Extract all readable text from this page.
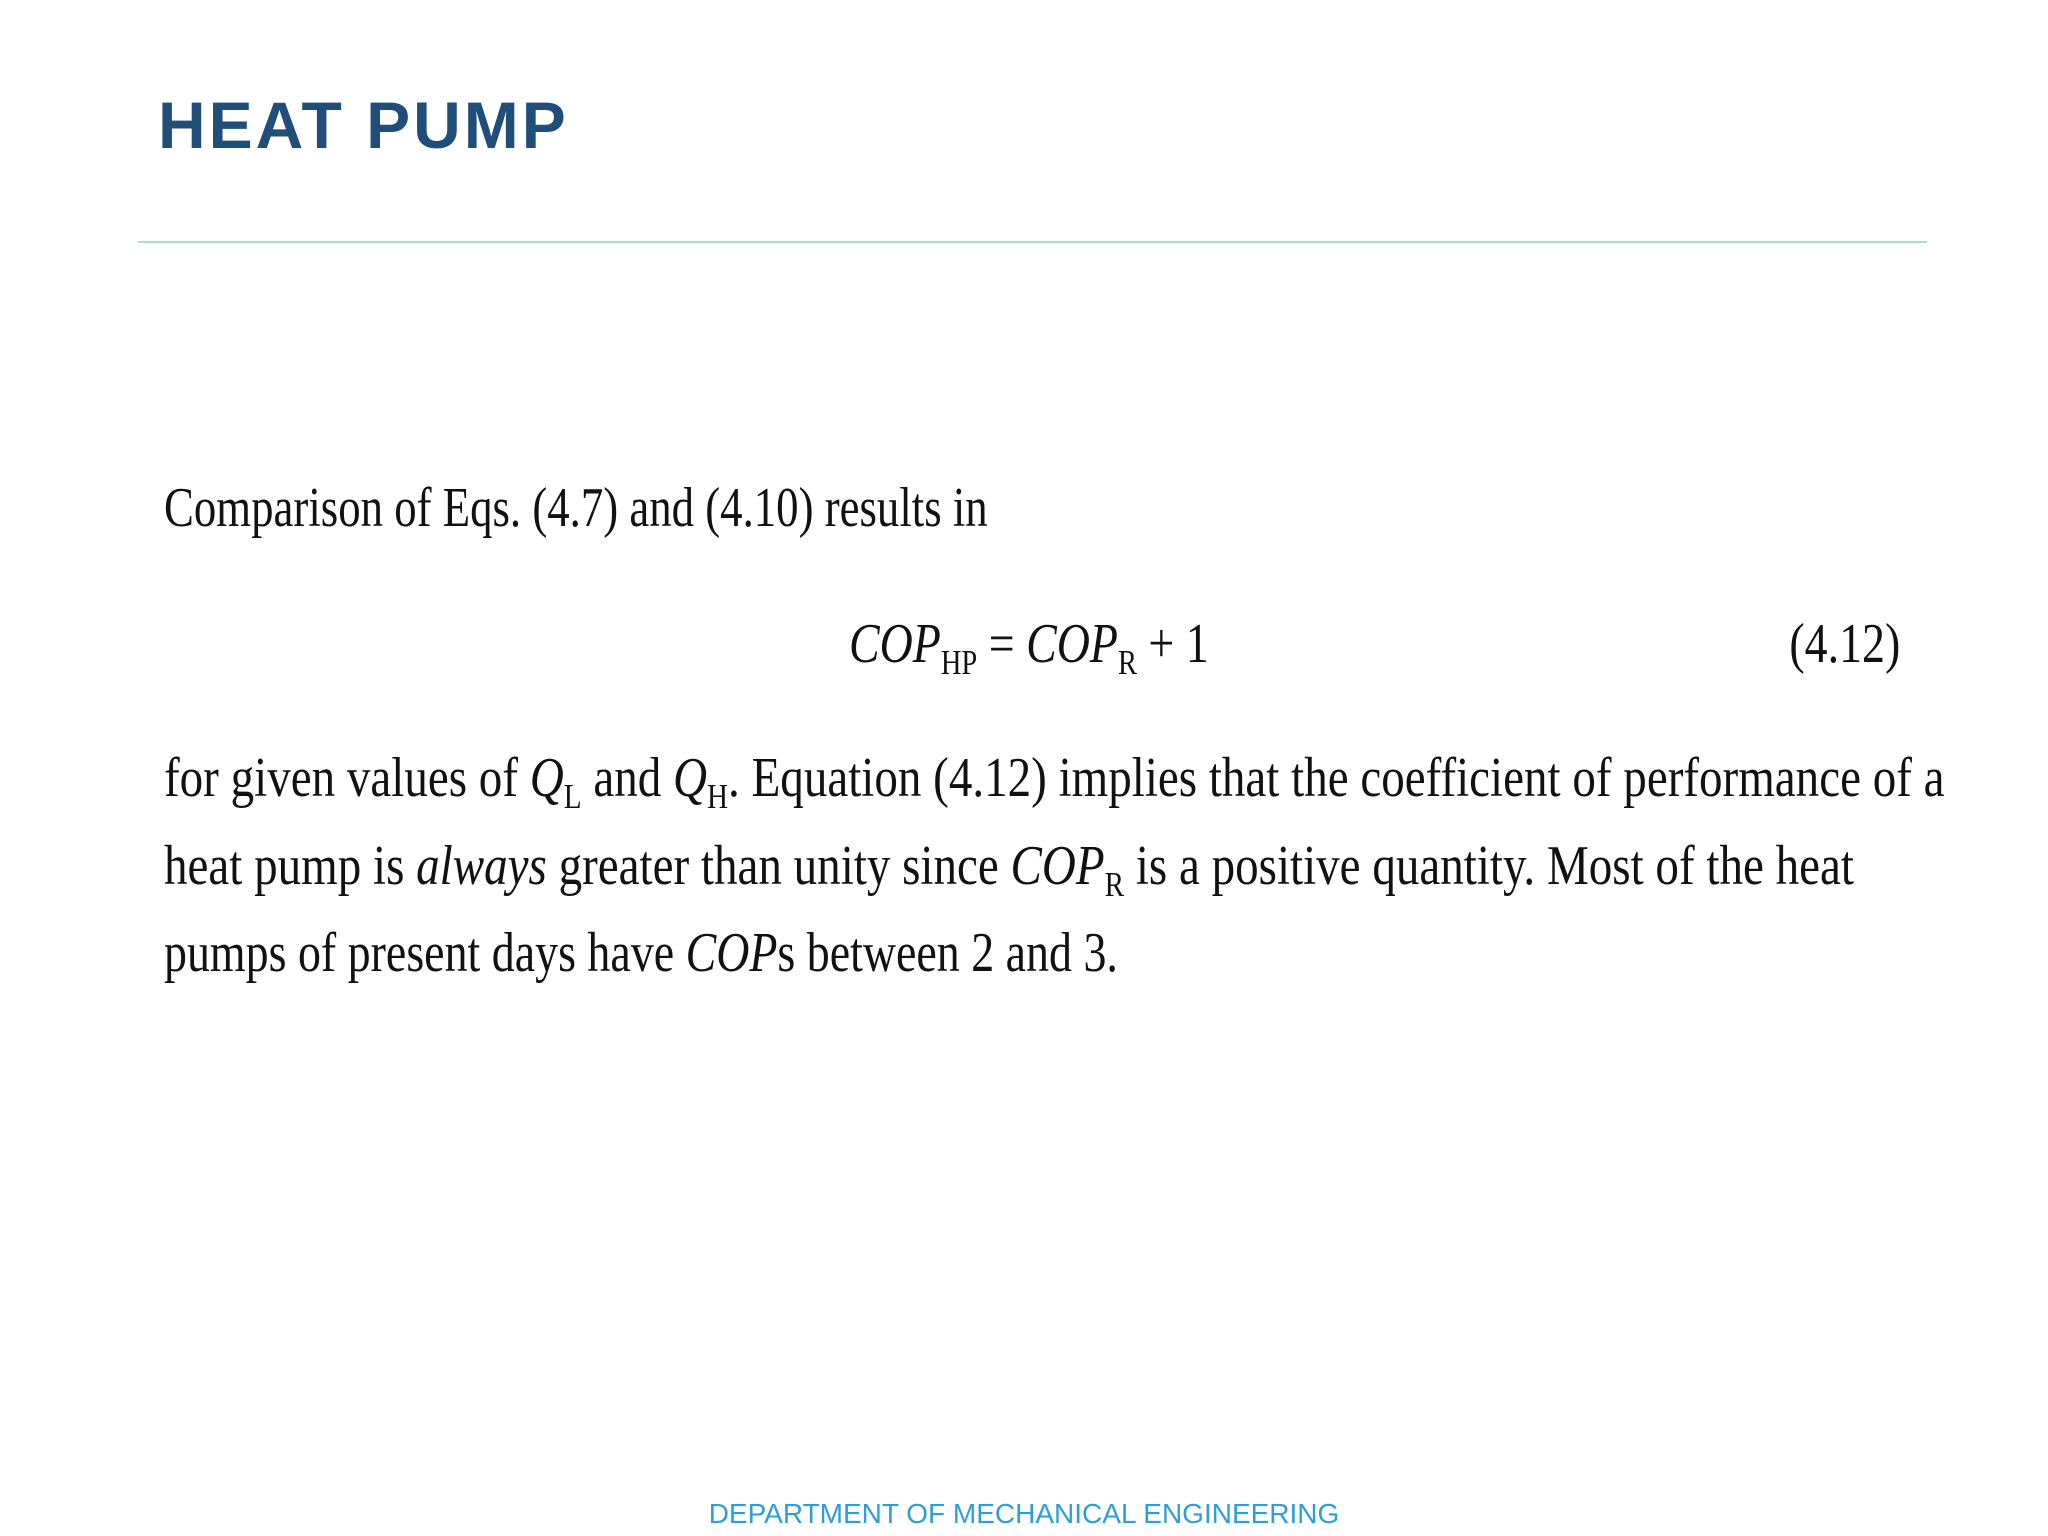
HEAT PUMP
Comparison of Eqs. (4.7) and (4.10) results in
$COP_{HP} = COP_R + 1$	(4.12)
for given values of $Q_L$ and $Q_H$. Equation (4.12) implies that the coefficient of performance of a
heat pump is always greater than unity since $COP_R$ is a positive quantity. Most of the heat
pumps of present days have COPs between 2 and 3.
DEPARTMENT OF MECHANICAL ENGINEERING
